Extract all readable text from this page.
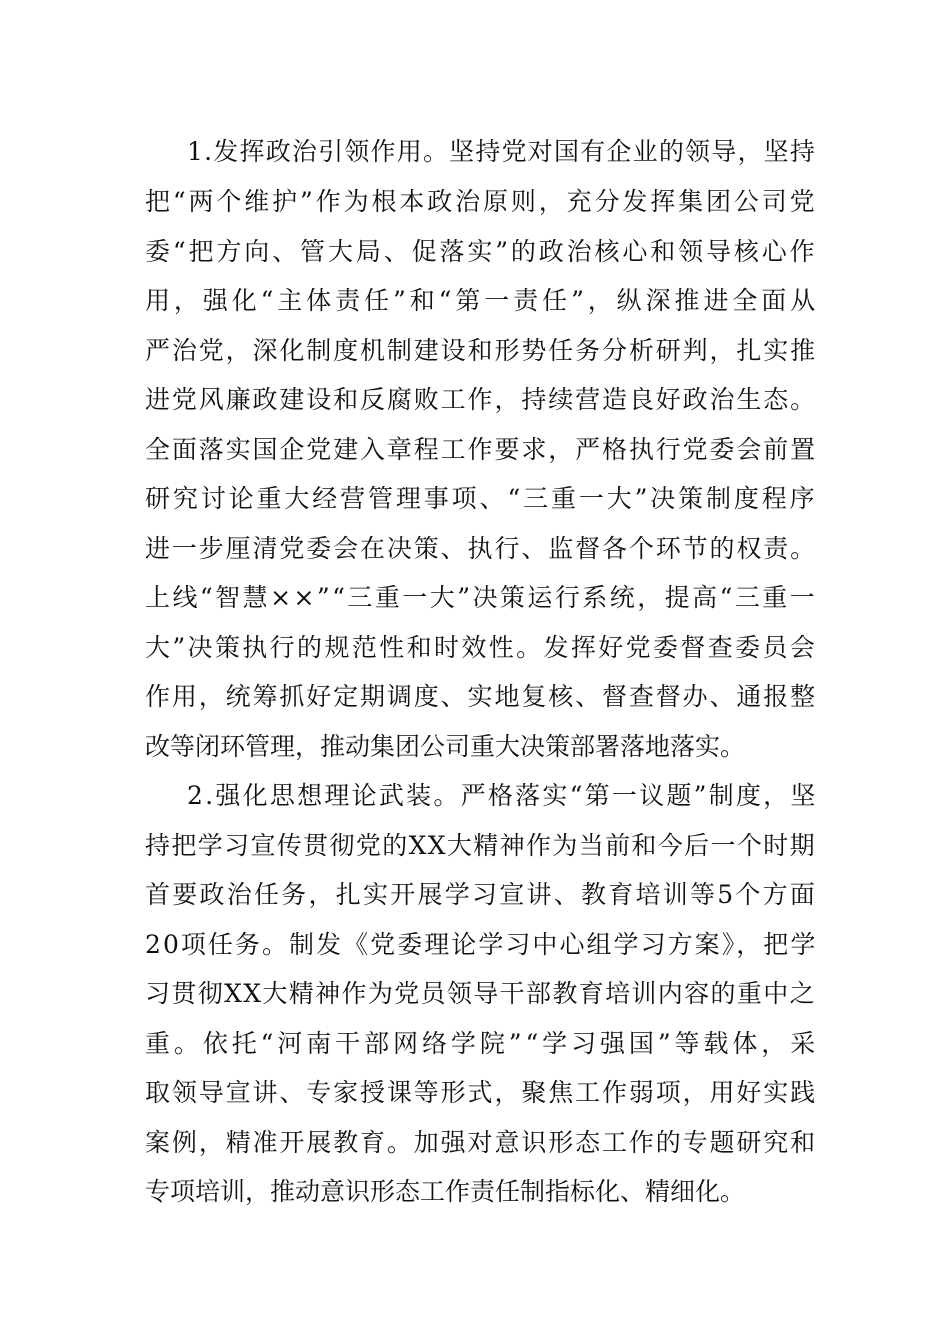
1.发挥政治引领作用。坚持党对国有企业的领导，坚持
把“两个维护”作为根本政治原则，充分发挥集团公司党
委“把方向、管大局、促落实”的政治核心和领导核心作
用，强化“主体责任”和“第一责任”，纵深推进全面从
严治党，深化制度机制建设和形势任务分析研判，扎实推
进党风廉政建设和反腐败工作，持续营造良好政治生态。
全面落实国企党建入章程工作要求，严格执行党委会前置
研究讨论重大经营管理事项、“三重一大”决策制度程序
进一步厘清党委会在决策、执行、监督各个环节的权责。
上线“智慧××”“三重一大”决策运行系统，提高“三重一
大”决策执行的规范性和时效性。发挥好党委督查委员会
作用，统筹抓好定期调度、实地复核、督查督办、通报整
改等闭环管理，推动集团公司重大决策部署落地落实。
2.强化思想理论武装。严格落实“第一议题”制度，坚
持把学习宣传贯彻党的XX大精神作为当前和今后一个时期
首要政治任务，扎实开展学习宣讲、教育培训等5个方面
20项任务。制发《党委理论学习中心组学习方案》，把学
习贯彻XX大精神作为党员领导干部教育培训内容的重中之
重。依托“河南干部网络学院”“学习强国”等载体，采
取领导宣讲、专家授课等形式，聚焦工作弱项，用好实践
案例，精准开展教育。加强对意识形态工作的专题研究和
专项培训，推动意识形态工作责任制指标化、精细化。
